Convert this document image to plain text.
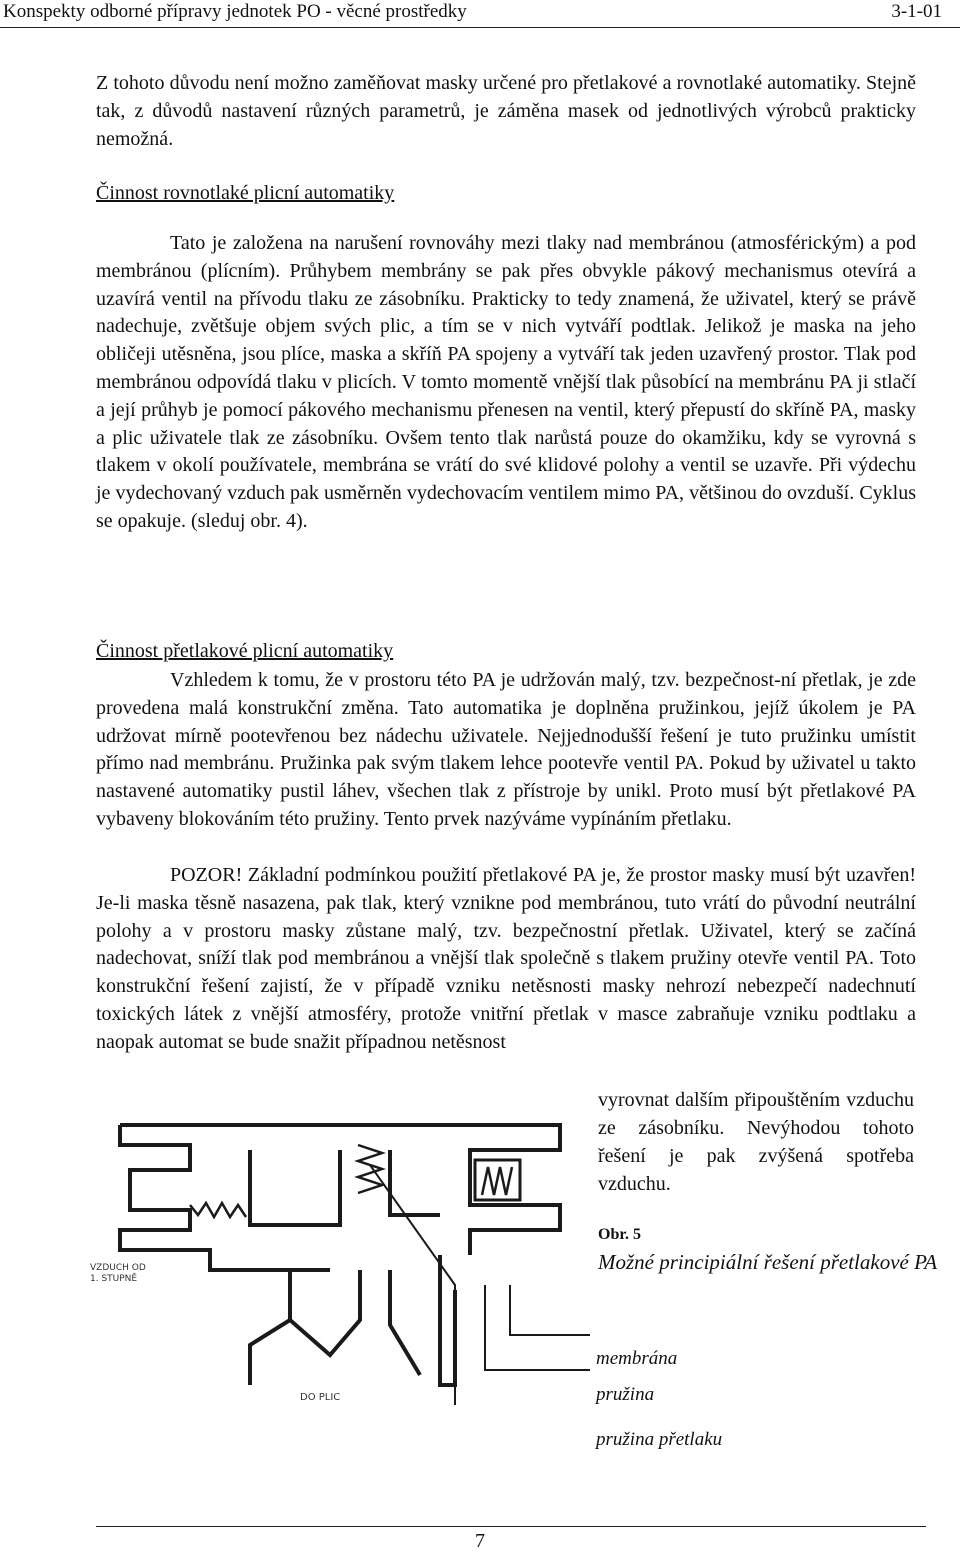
Konspekty odborné přípravy jednotek PO - věcné prostředky	3-1-01
Z tohoto důvodu není možno zaměňovat masky určené pro přetlakové a rovnotlaké automatiky. Stejně tak, z důvodů nastavení různých parametrů, je záměna masek od jednotlivých výrobců prakticky nemožná.
Činnost rovnotlaké plicní automatiky
Tato je založena na narušení rovnováhy mezi tlaky nad membránou (atmosférickým) a pod membránou (plícním). Průhybem membrány se pak přes obvykle pákový mechanismus otevírá a uzavírá ventil na přívodu tlaku ze zásobníku. Prakticky to tedy znamená, že uživatel, který se právě nadechuje, zvětšuje objem svých plic, a tím se v nich vytváří podtlak. Jelikož je maska na jeho obličeji utěsněna, jsou plíce, maska a skříň PA spojeny a vytváří tak jeden uzavřený prostor. Tlak pod membránou odpovídá tlaku v plicích. V tomto momentě vnější tlak působící na membránu PA ji stlačí a její průhyb je pomocí pákového mechanismu přenesen na ventil, který přepustí do skříně PA, masky a plic uživatele tlak ze zásobníku. Ovšem tento tlak narůstá pouze do okamžiku, kdy se vyrovná s tlakem v okolí používatele, membrána se vrátí do své klidové polohy a ventil se uzavře. Při výdechu je vydechovaný vzduch pak usměrněn vydechovacím ventilem mimo PA, většinou do ovzduší. Cyklus se opakuje. (sleduj obr. 4).
Činnost přetlakové plicní automatiky
Vzhledem k tomu, že v prostoru této PA je udržován malý, tzv. bezpečnost-ní přetlak, je zde provedena malá konstrukční změna. Tato automatika je doplněna pružinkou, jejíž úkolem je PA udržovat mírně pootevřenou bez nádechu uživatele. Nejjednodušší řešení je tuto pružinku umístit přímo nad membránu. Pružinka pak svým tlakem lehce pootevře ventil PA. Pokud by uživatel u takto nastavené automatiky pustil láhev, všechen tlak z přístroje by unikl. Proto musí být přetlakové PA vybaveny blokováním této pružiny. Tento prvek nazýváme vypínáním přetlaku.
POZOR! Základní podmínkou použití přetlakové PA je, že prostor masky musí být uzavřen! Je-li maska těsně nasazena, pak tlak, který vznikne pod membránou, tuto vrátí do původní neutrální polohy a v prostoru masky zůstane malý, tzv. bezpečnostní přetlak. Uživatel, který se začíná nadechovat, sníží tlak pod membránou a vnější tlak společně s tlakem pružiny otevře ventil PA. Toto konstrukční řešení zajistí, že v případě vzniku netěsnosti masky nehrozí nebezpečí nadechnutí toxických látek z vnější atmosféry, protože vnitřní přetlak v masce zabraňuje vzniku podtlaku a naopak automat se bude snažit případnou netěsnost
vyrovnat dalším připouštěním vzduchu ze zásobníku. Nevýhodou tohoto řešení je pak zvýšená spotřeba vzduchu.
VZDUCH OD 1. STUPNĚ
DO PLIC
Obr. 5
Možné principiální řešení přetlakové PA
membrána
pružina
pružina přetlaku
7
